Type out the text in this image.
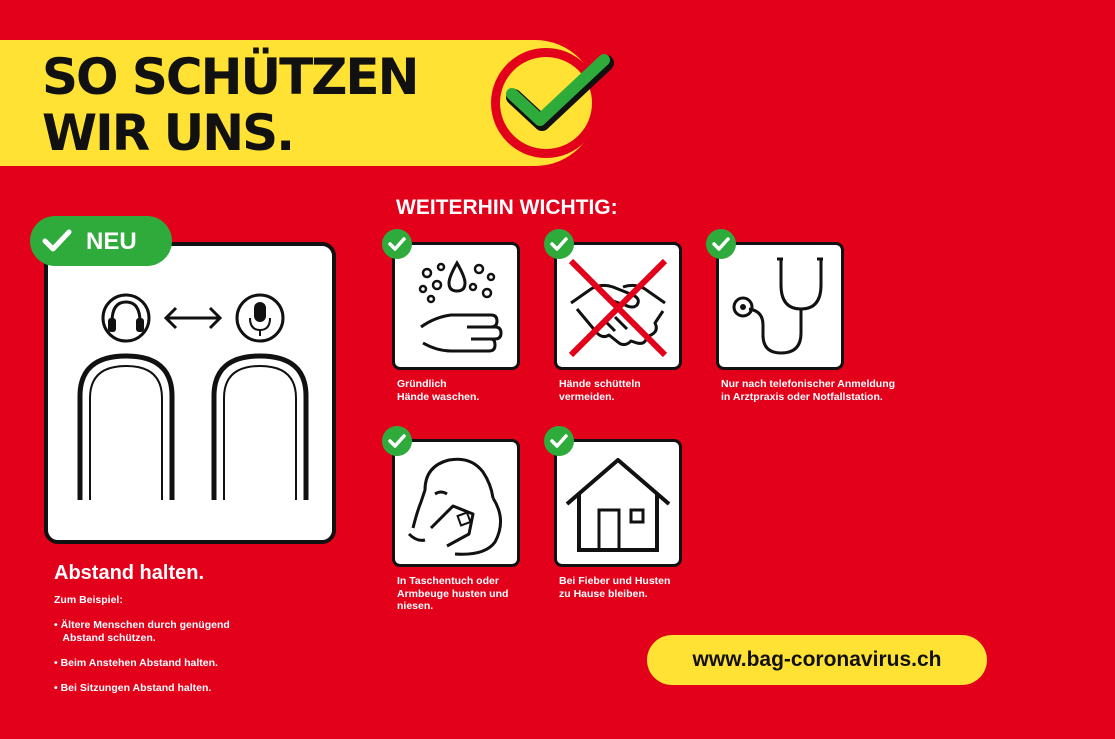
SO SCHÜTZEN
WIR UNS.
WEITERHIN WICHTIG:
NEU
Abstand halten.
Zum Beispiel:
• Ältere Menschen durch genügend
Abstand schützen.
• Beim Anstehen Abstand halten.
• Bei Sitzungen Abstand halten.
Gründlich
Hände waschen.
Hände schütteln
vermeiden.
Nur nach telefonischer Anmeldung
in Arztpraxis oder Notfallstation.
In Taschentuch oder
Armbeuge husten und
niesen.
Bei Fieber und Husten
zu Hause bleiben.
www.bag-coronavirus.ch
